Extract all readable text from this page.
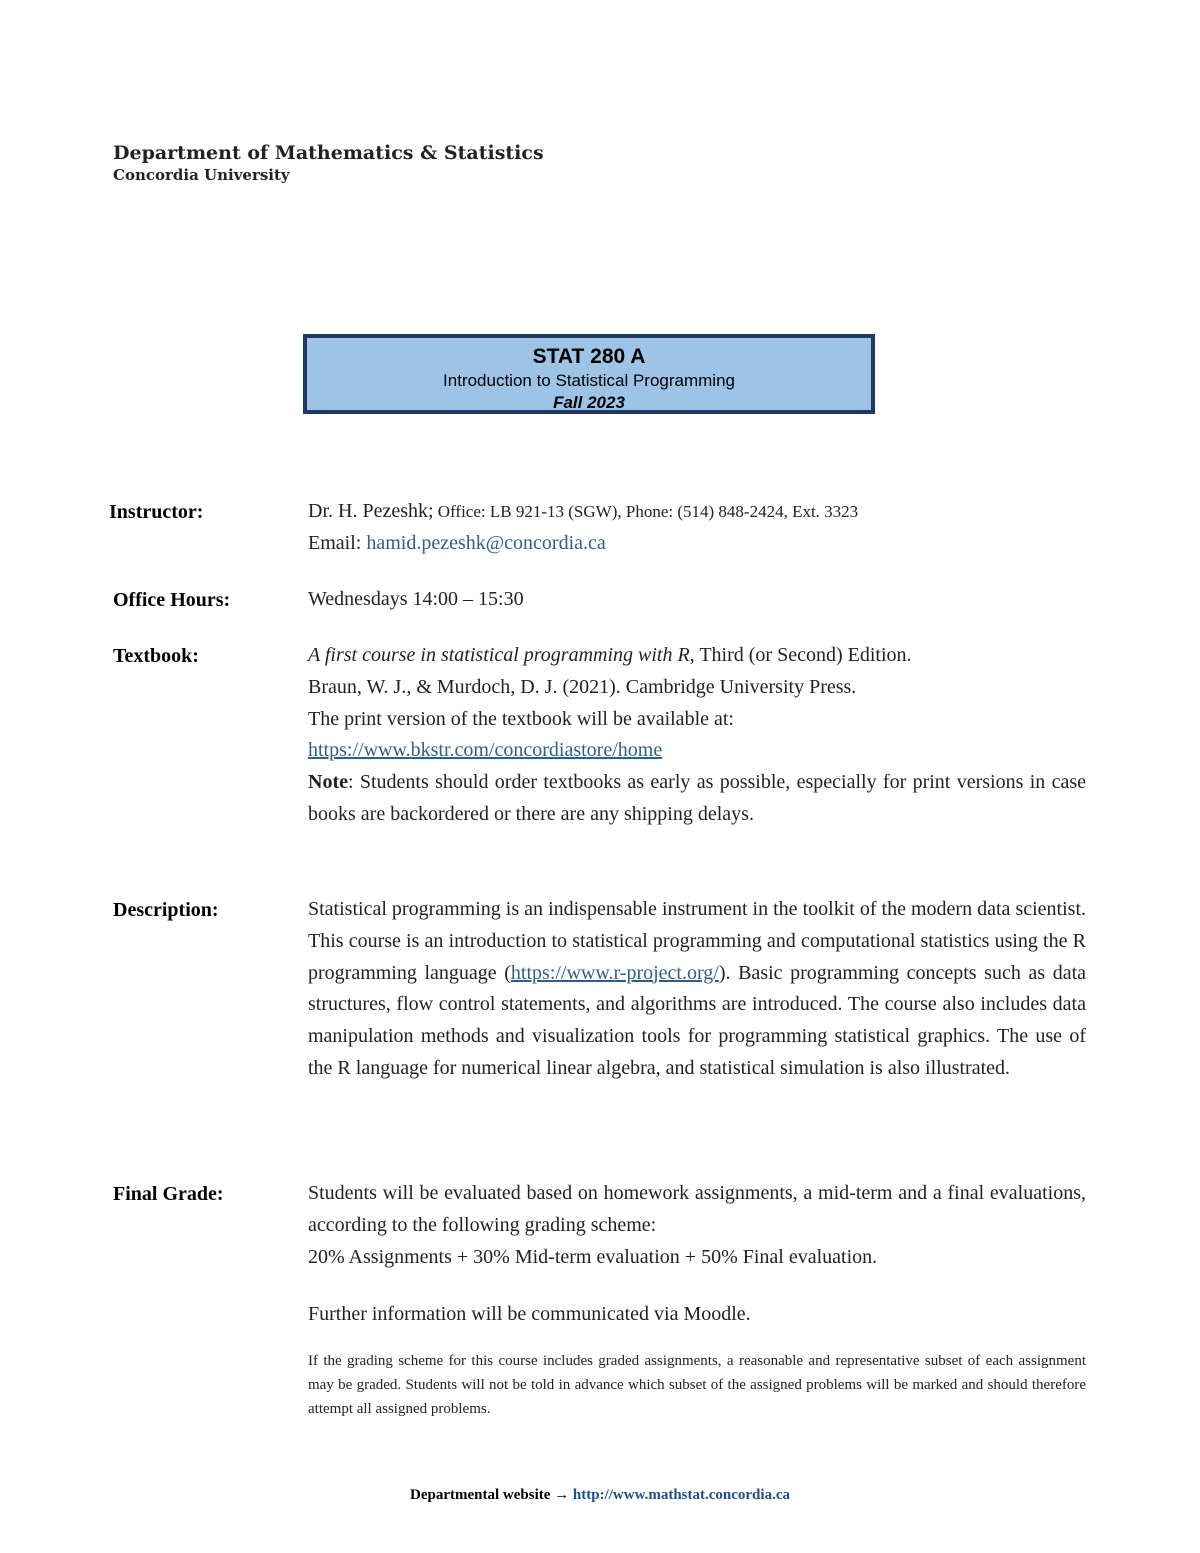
Department of Mathematics & Statistics
Concordia University
STAT 280 A
Introduction to Statistical Programming
Fall 2023
Instructor:	Dr. H. Pezeshk; Office: LB 921-13 (SGW), Phone: (514) 848-2424, Ext. 3323
Email: hamid.pezeshk@concordia.ca
Office Hours:	Wednesdays 14:00 – 15:30
Textbook:	A first course in statistical programming with R, Third (or Second) Edition.
Braun, W. J., & Murdoch, D. J. (2021). Cambridge University Press.
The print version of the textbook will be available at:
https://www.bkstr.com/concordiastore/home
Note: Students should order textbooks as early as possible, especially for print versions in case books are backordered or there are any shipping delays.
Description:	Statistical programming is an indispensable instrument in the toolkit of the modern data scientist. This course is an introduction to statistical programming and computational statistics using the R programming language (https://www.r-project.org/). Basic programming concepts such as data structures, flow control statements, and algorithms are introduced. The course also includes data manipulation methods and visualization tools for programming statistical graphics. The use of the R language for numerical linear algebra, and statistical simulation is also illustrated.
Final Grade:	Students will be evaluated based on homework assignments, a mid-term and a final evaluations, according to the following grading scheme:
20% Assignments + 30% Mid-term evaluation + 50% Final evaluation.
Further information will be communicated via Moodle.
If the grading scheme for this course includes graded assignments, a reasonable and representative subset of each assignment may be graded. Students will not be told in advance which subset of the assigned problems will be marked and should therefore attempt all assigned problems.
Departmental website → http://www.mathstat.concordia.ca
